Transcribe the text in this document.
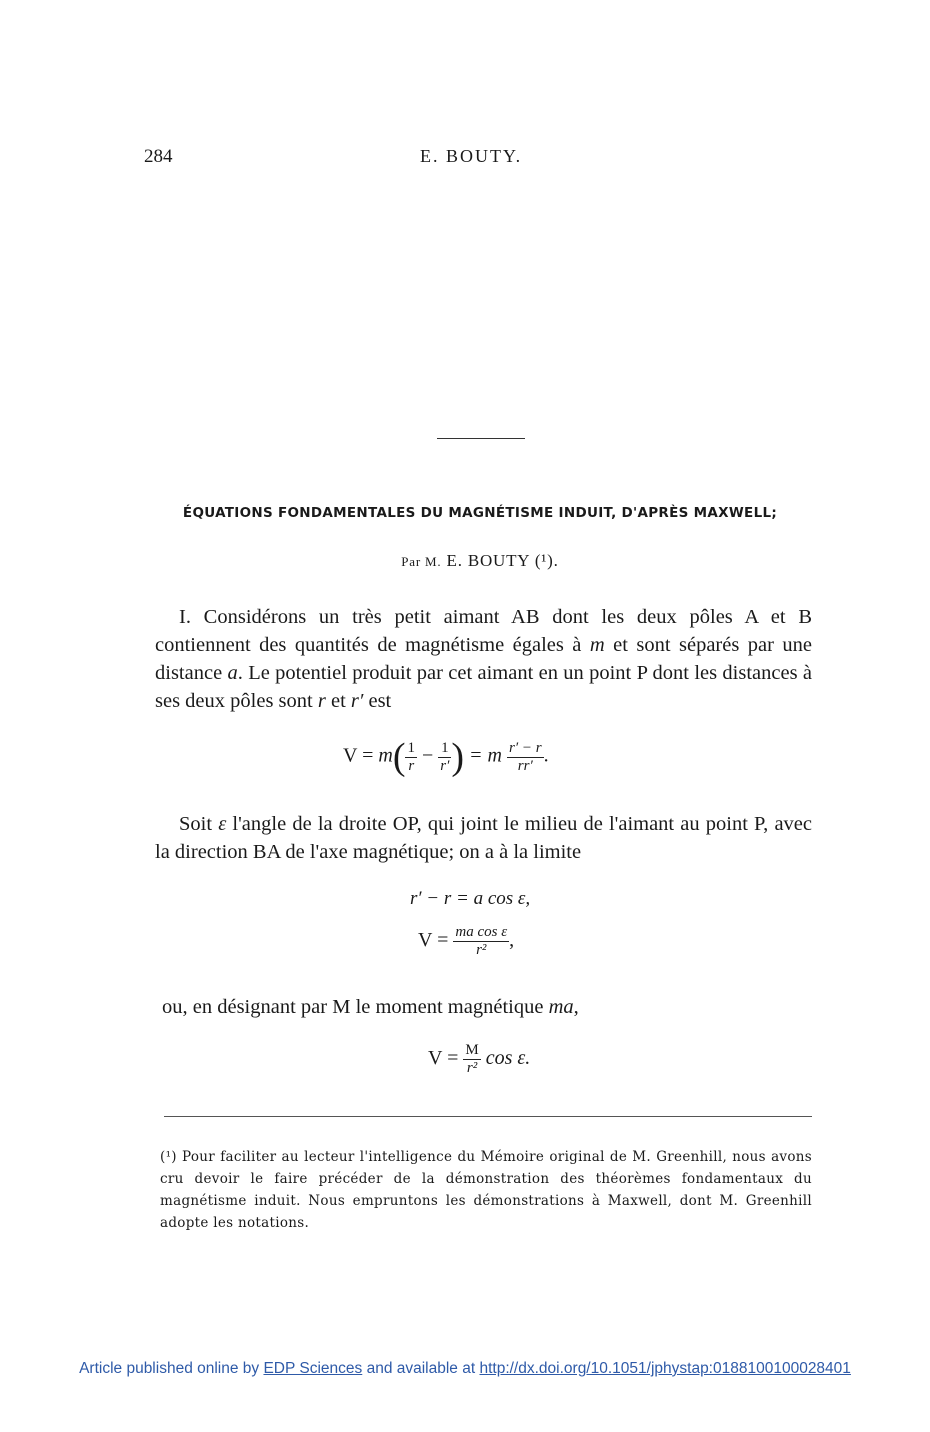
284	E. BOUTY.
ÉQUATIONS FONDAMENTALES DU MAGNÉTISME INDUIT, D'APRÈS MAXWELL;
Par M. E. BOUTY (¹).
I. Considérons un très petit aimant AB dont les deux pôles A et B contiennent des quantités de magnétisme égales à m et sont séparés par une distance a. Le potentiel produit par cet aimant en un point P dont les distances à ses deux pôles sont r et r′ est
$V = m( \frac{1}{r} - \frac{1}{r'}$ ) = m $\frac{r' - r}{rr'}$ .
Soit ε l'angle de la droite OP, qui joint le milieu de l'aimant au point P, avec la direction BA de l'axe magnétique; on a à la limite
r′ − r = a cos ε,
$V = \frac{\text{ma cos ε}}{\text{r²}}$ ,
ou, en désignant par M le moment magnétique ma,
$V = \frac{M}{\text{r²}}$ cos ε.
(¹) Pour faciliter au lecteur l'intelligence du Mémoire original de M. Greenhill, nous avons cru devoir le faire précéder de la démonstration des théorèmes fondamentaux du magnétisme induit. Nous empruntons les démonstrations à Maxwell, dont M. Greenhill adopte les notations.
Article published online by EDP Sciences and available at http://dx.doi.org/10.1051/jphystap:0188100100028401
